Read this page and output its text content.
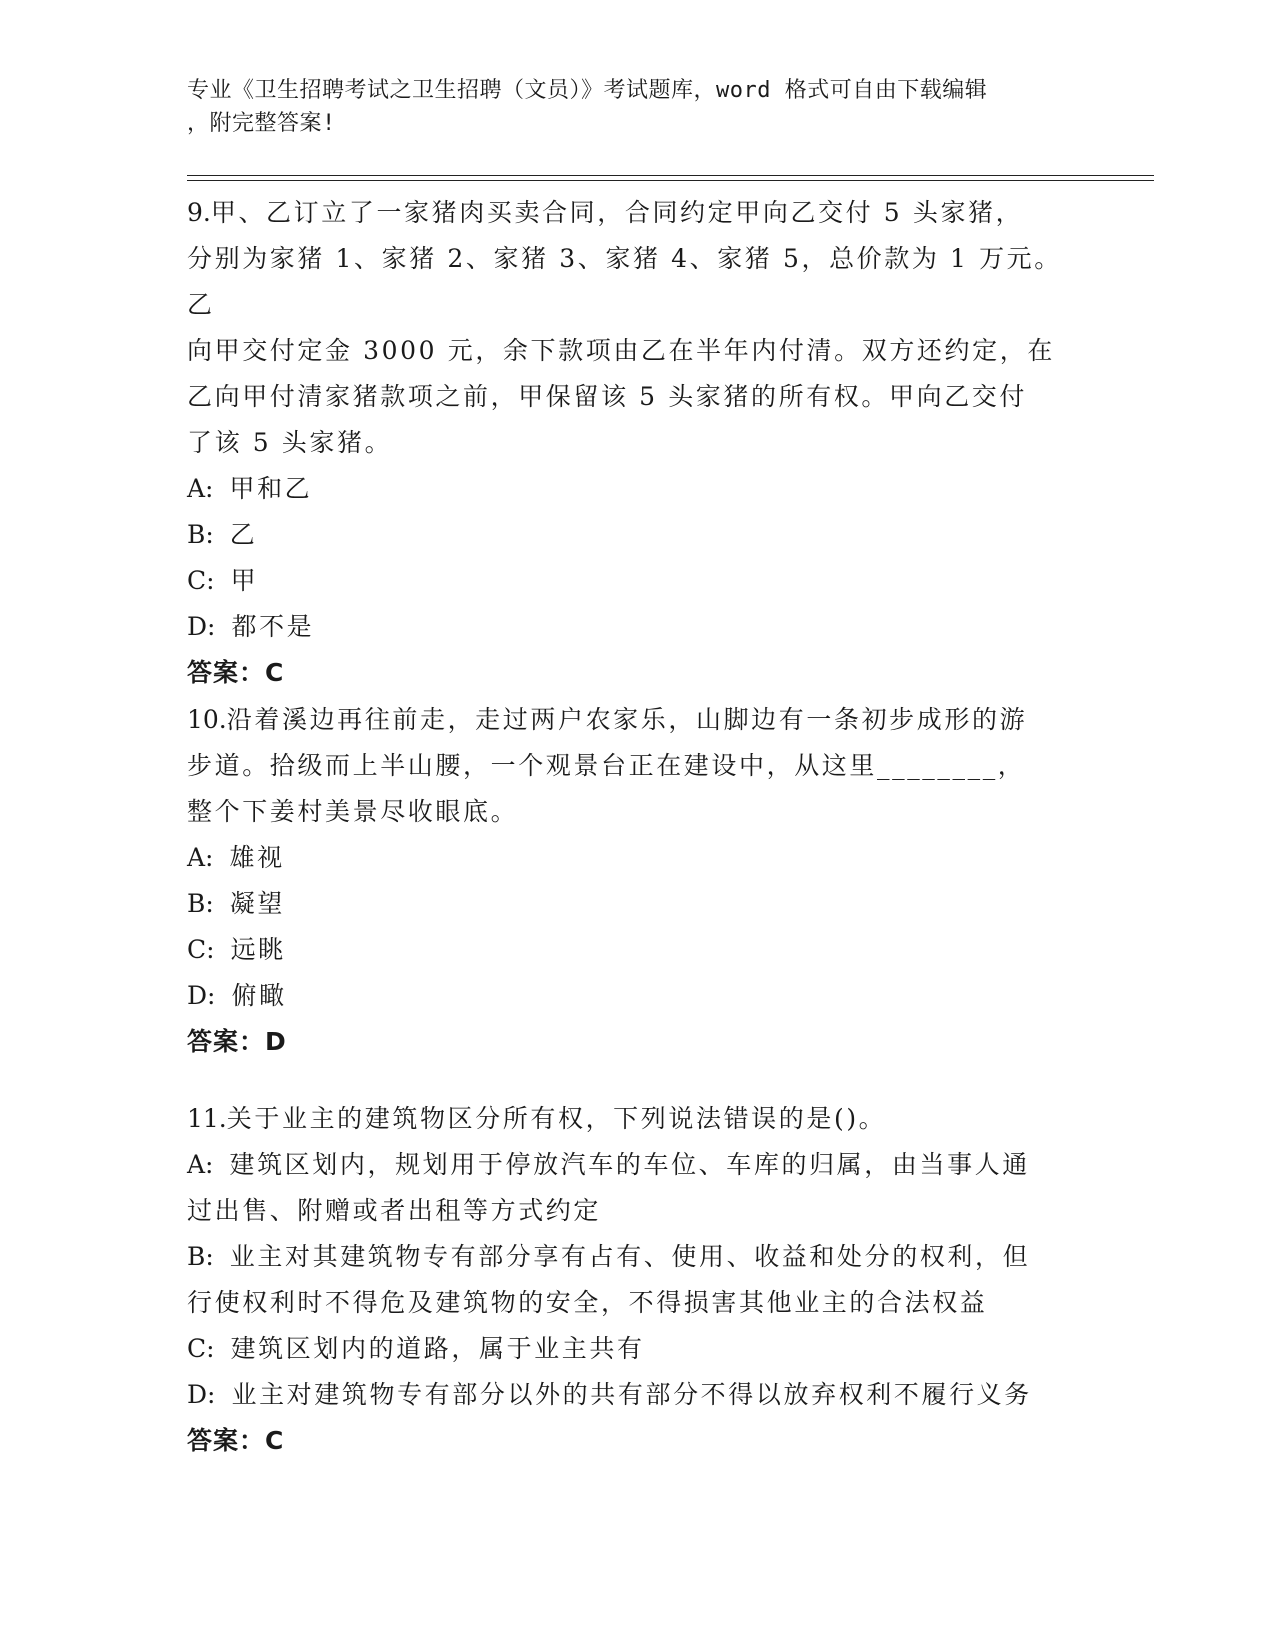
专业《卫生招聘考试之卫生招聘（文员）》考试题库，word 格式可自由下载编辑
，附完整答案!

9.甲、乙订立了一家猪肉买卖合同，合同约定甲向乙交付 5 头家猪，

分别为家猪 1、家猪 2、家猪 3、家猪 4、家猪 5，总价款为 1 万元。乙

向甲交付定金 3000 元，余下款项由乙在半年内付清。双方还约定，在

乙向甲付清家猪款项之前，甲保留该 5 头家猪的所有权。甲向乙交付

了该 5 头家猪。

A: 甲和乙

B: 乙

C: 甲

D: 都不是

答案：C

10.沿着溪边再往前走，走过两户农家乐，山脚边有一条初步成形的游

步道。拾级而上半山腰，一个观景台正在建设中，从这里________，

整个下姜村美景尽收眼底。

A: 雄视

B: 凝望

C: 远眺

D: 俯瞰

答案：D

11.关于业主的建筑物区分所有权，下列说法错误的是()。

A: 建筑区划内，规划用于停放汽车的车位、车库的归属，由当事人通

过出售、附赠或者出租等方式约定

B: 业主对其建筑物专有部分享有占有、使用、收益和处分的权利，但

行使权利时不得危及建筑物的安全，不得损害其他业主的合法权益

C: 建筑区划内的道路，属于业主共有

D: 业主对建筑物专有部分以外的共有部分不得以放弃权利不履行义务

答案：C
